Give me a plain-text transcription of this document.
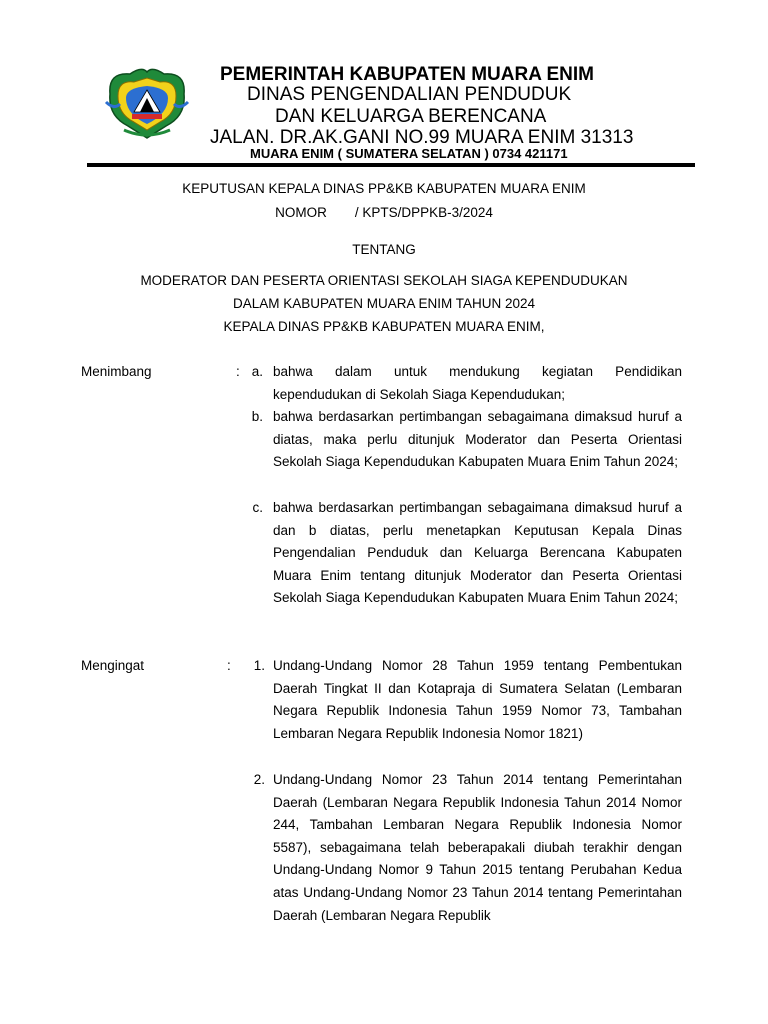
PEMERINTAH KABUPATEN MUARA ENIM
DINAS PENGENDALIAN PENDUDUK
DAN KELUARGA BERENCANA
JALAN. DR.AK.GANI NO.99 MUARA ENIM 31313
MUARA ENIM ( SUMATERA SELATAN ) 0734 421171
KEPUTUSAN KEPALA DINAS PP&KB KABUPATEN MUARA ENIM
NOMOR / KPTS/DPPKB-3/2024
TENTANG
MODERATOR DAN PESERTA ORIENTASI SEKOLAH SIAGA KEPENDUDUKAN
DALAM KABUPATEN MUARA ENIM TAHUN 2024
KEPALA DINAS PP&KB KABUPATEN MUARA ENIM,
Menimbang	: a. bahwa dalam untuk mendukung kegiatan Pendidikan kependudukan di Sekolah Siaga Kependudukan;
b. bahwa berdasarkan pertimbangan sebagaimana dimaksud huruf a diatas, maka perlu ditunjuk Moderator dan Peserta Orientasi Sekolah Siaga Kependudukan Kabupaten Muara Enim Tahun 2024;
c. bahwa berdasarkan pertimbangan sebagaimana dimaksud huruf a dan b diatas, perlu menetapkan Keputusan Kepala Dinas Pengendalian Penduduk dan Keluarga Berencana Kabupaten Muara Enim tentang ditunjuk Moderator dan Peserta Orientasi Sekolah Siaga Kependudukan Kabupaten Muara Enim Tahun 2024;
Mengingat	:	1. Undang-Undang Nomor 28 Tahun 1959 tentang Pembentukan Daerah Tingkat II dan Kotapraja di Sumatera Selatan (Lembaran Negara Republik Indonesia Tahun 1959 Nomor 73, Tambahan Lembaran Negara Republik Indonesia Nomor 1821)
2. Undang-Undang Nomor 23 Tahun 2014 tentang Pemerintahan Daerah (Lembaran Negara Republik Indonesia Tahun 2014 Nomor 244, Tambahan Lembaran Negara Republik Indonesia Nomor 5587), sebagaimana telah beberapakali diubah terakhir dengan Undang-Undang Nomor 9 Tahun 2015 tentang Perubahan Kedua atas Undang-Undang Nomor 23 Tahun 2014 tentang Pemerintahan Daerah (Lembaran Negara Republik
